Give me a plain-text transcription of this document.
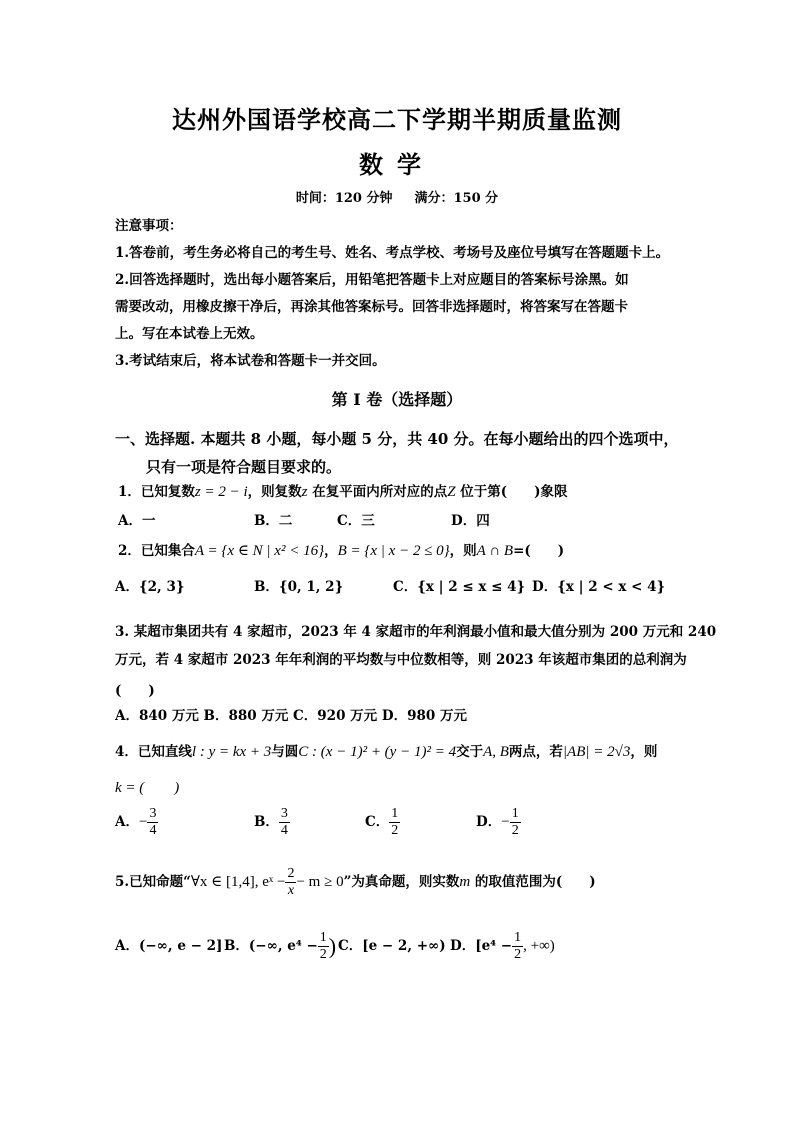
达州外国语学校高二下学期半期质量监测
数学
时间：120 分钟 满分：150 分
注意事项：
1.答卷前，考生务必将自己的考生号、姓名、考点学校、考场号及座位号填写在答题题卡上。
2.回答选择题时，选出每小题答案后，用铅笔把答题卡上对应题目的答案标号涂黑。如
需要改动，用橡皮擦干净后，再涂其他答案标号。回答非选择题时，将答案写在答题卡
上。写在本试卷上无效。
3.考试结束后，将本试卷和答题卡一并交回。
第 I 卷（选择题）
一、选择题. 本题共 8 小题，每小题 5 分，共 40 分。在每小题给出的四个选项中，
只有一项是符合题目要求的。
1．已知复数z = 2 − i，则复数z 在复平面内所对应的点Z 位于第(　　)象限
A．一	B．二	C．三	D．四
2．已知集合A = {x ∈ N | x² < 16}，B = {x | x − 2 ≤ 0}，则A ∩ B=(　　)
A．{2, 3}	B．{0, 1, 2}	C．{x | 2 ≤ x ≤ 4} D．{x | 2 < x < 4}
3. 某超市集团共有 4 家超市，2023 年 4 家超市的年利润最小值和最大值分别为 200 万元和 240
万元，若 4 家超市 2023 年年利润的平均数与中位数相等，则 2023 年该超市集团的总利润为
(　　)
A．840 万元 B．880 万元 C．920 万元 D．980 万元
4．已知直线l : y = kx + 3与圆C : (x − 1)² + (y − 1)² = 4交于A, B两点，若|AB| = 2√3，则
k = (　　)
A．− $\frac{3}{4}$	B． $\frac{3}{4}$	C． $\frac{1}{2}$	D．− $\frac{1}{2}$
5.已知命题“∀x ∈ [1,4], eˣ − $\frac{2}{x} - m \ge 0$”为真命题，则实数m 的取值范围为(　　)
A．(−∞, e − 2] B．(−∞, $e^4 - \frac{1}{2}$ ) C．[e − 2, +∞) D．[$e^4 - \frac{1}{2}$ , +∞)
